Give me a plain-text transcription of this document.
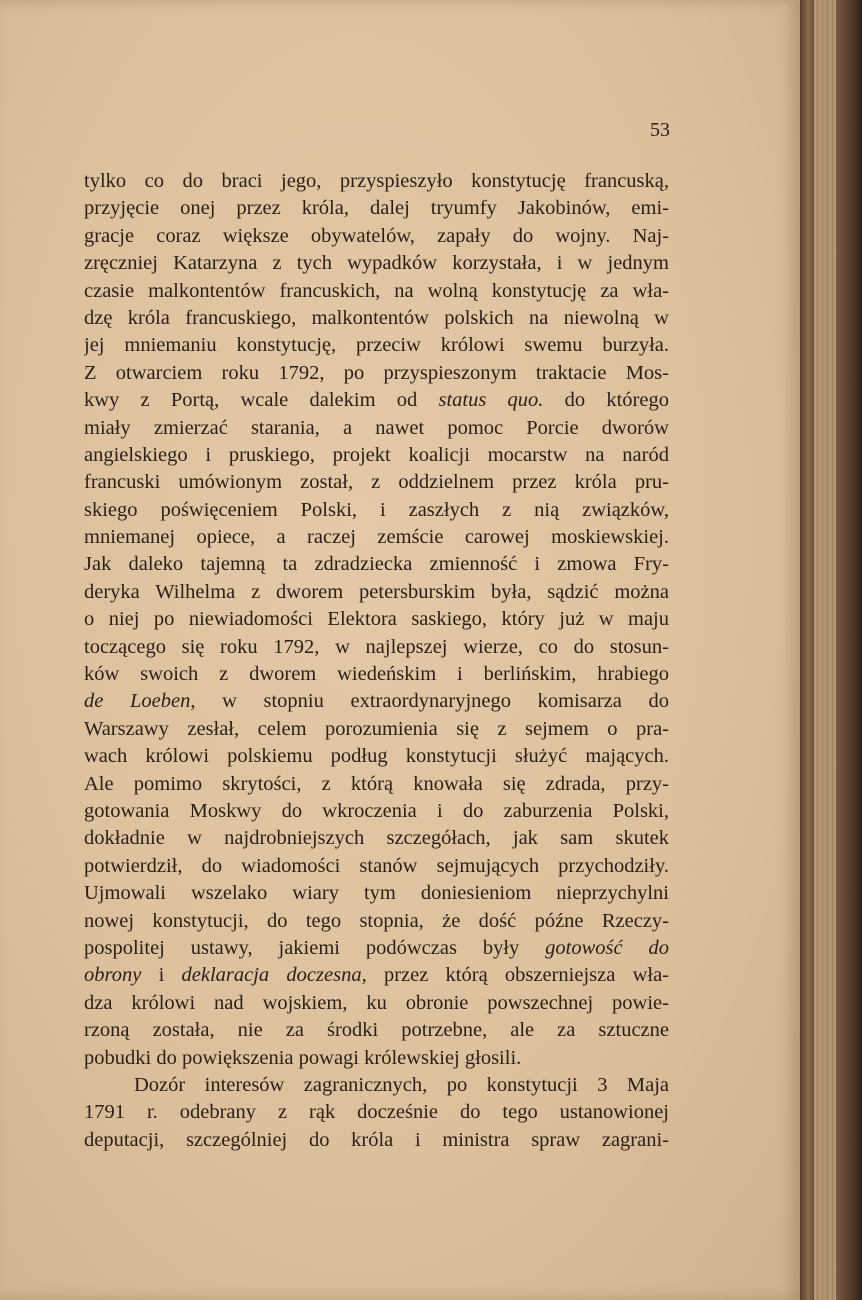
53
tylko co do braci jego, przyspieszyło konstytucję francuską,
przyjęcie onej przez króla, dalej tryumfy Jakobinów, emi-
gracje coraz większe obywatelów, zapały do wojny. Naj-
zręczniej Katarzyna z tych wypadków korzystała, i w jednym
czasie malkontentów francuskich, na wolną konstytucję za wła-
dzę króla francuskiego, malkontentów polskich na niewolną w
jej mniemaniu konstytucję, przeciw królowi swemu burzyła.
Z otwarciem roku 1792, po przyspieszonym traktacie Mos-
kwy z Portą, wcale dalekim od status quo. do którego
miały zmierzać starania, a nawet pomoc Porcie dworów
angielskiego i pruskiego, projekt koalicji mocarstw na naród
francuski umówionym został, z oddzielnem przez króla pru-
skiego poświęceniem Polski, i zaszłych z nią związków,
mniemanej opiece, a raczej zemście carowej moskiewskiej.
Jak daleko tajemną ta zdradziecka zmienność i zmowa Fry-
deryka Wilhelma z dworem petersburskim była, sądzić można
o niej po niewiadomości Elektora saskiego, który już w maju
toczącego się roku 1792, w najlepszej wierze, co do stosun-
ków swoich z dworem wiedeńskim i berlińskim, hrabiego
de Loeben, w stopniu extraordynaryjnego komisarza do
Warszawy zesłał, celem porozumienia się z sejmem o pra-
wach królowi polskiemu podług konstytucji służyć mających.
Ale pomimo skrytości, z którą knowała się zdrada, przy-
gotowania Moskwy do wkroczenia i do zaburzenia Polski,
dokładnie w najdrobniejszych szczegółach, jak sam skutek
potwierdził, do wiadomości stanów sejmujących przychodziły.
Ujmowali wszelako wiary tym doniesieniom nieprzychylni
nowej konstytucji, do tego stopnia, że dość późne Rzeczy-
pospolitej ustawy, jakiemi podówczas były gotowość do
obrony i deklaracja doczesna, przez którą obszerniejsza wła-
dza królowi nad wojskiem, ku obronie powszechnej powie-
rzoną została, nie za środki potrzebne, ale za sztuczne
pobudki do powiększenia powagi królewskiej głosili.
Dozór interesów zagranicznych, po konstytucji 3 Maja
1791 r. odebrany z rąk docześnie do tego ustanowionej
deputacji, szczególniej do króla i ministra spraw zagrani-
